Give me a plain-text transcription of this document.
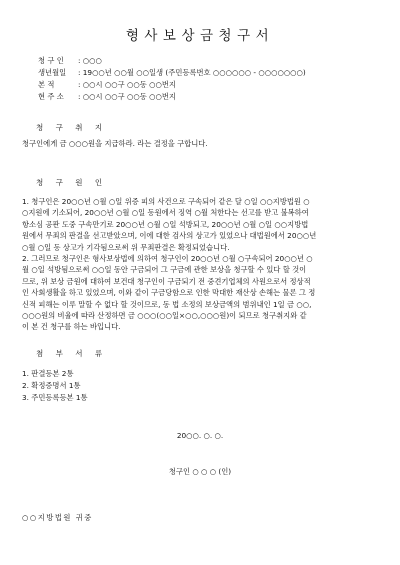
형사보상금청구서
청 구 인 : ○○○
생년월일 : 19○○년 ○○월 ○○일생 (주민등록번호 ○○○○○○ - ○○○○○○○)
본 적	: ○○시 ○○구 ○○동 ○○번지
현 주 소 : ○○시 ○○구 ○○동 ○○번지
청 구 취 지
청구인에게 금 ○○○원을 지급하라. 라는 결정을 구합니다.
청 구 원 인
1. 청구인은 20○○년 ○월 ○일 위증 피의 사건으로 구속되어 같은 달 ○일 ○○지방법원 ○
○지원에 기소되어, 20○○년 ○월 ○일 동원에서 징역 ○월 처한다는 선고를 받고 불복하여
항소심 공판 도중 구속만기로 20○○년 ○월 ○일 석방되고, 20○○년 ○월 ○일 ○○지방법
원에서 무죄의 판결을 선고받았으며, 이에 대한 검사의 상고가 있었으나 대법원에서 20○○년
○월 ○일 동 상고가 기각됨으로써 위 무죄판결은 확정되었습니다.
2. 그러므로 청구인은 형사보상법에 의하여 청구인이 20○○년 ○월 ○구속되어 20○○년 ○
월 ○일 석방됨으로써 ○○일 동안 구금되어 그 구금에 관한 보상을 청구할 수 있다 할 것이
므로, 위 보상 금원에 대하여 보건대 청구인이 구금되기 전 중견기업체의 사원으로서 정상적
인 사회생활을 하고 있었으며, 이와 같이 구금당함으로 인한 막대한 재산상 손해는 물론 그 정
신적 피해는 이루 말할 수 없다 할 것이므로, 동 법 소정의 보상금액의 범위내인 1일 금 ○○,
○○○원의 비율에 따라 산정하면 금 ○○○(○○일×○○,○○○원)이 되므로 청구취지와 같
이 본 건 청구를 하는 바입니다.
첨 부 서 류
1. 판결등본 2통
2. 확정증명서 1통
3. 주민등록등본 1통
20○○. ○. ○.
청구인 ○ ○ ○ (인)
○○지방법원 귀중
